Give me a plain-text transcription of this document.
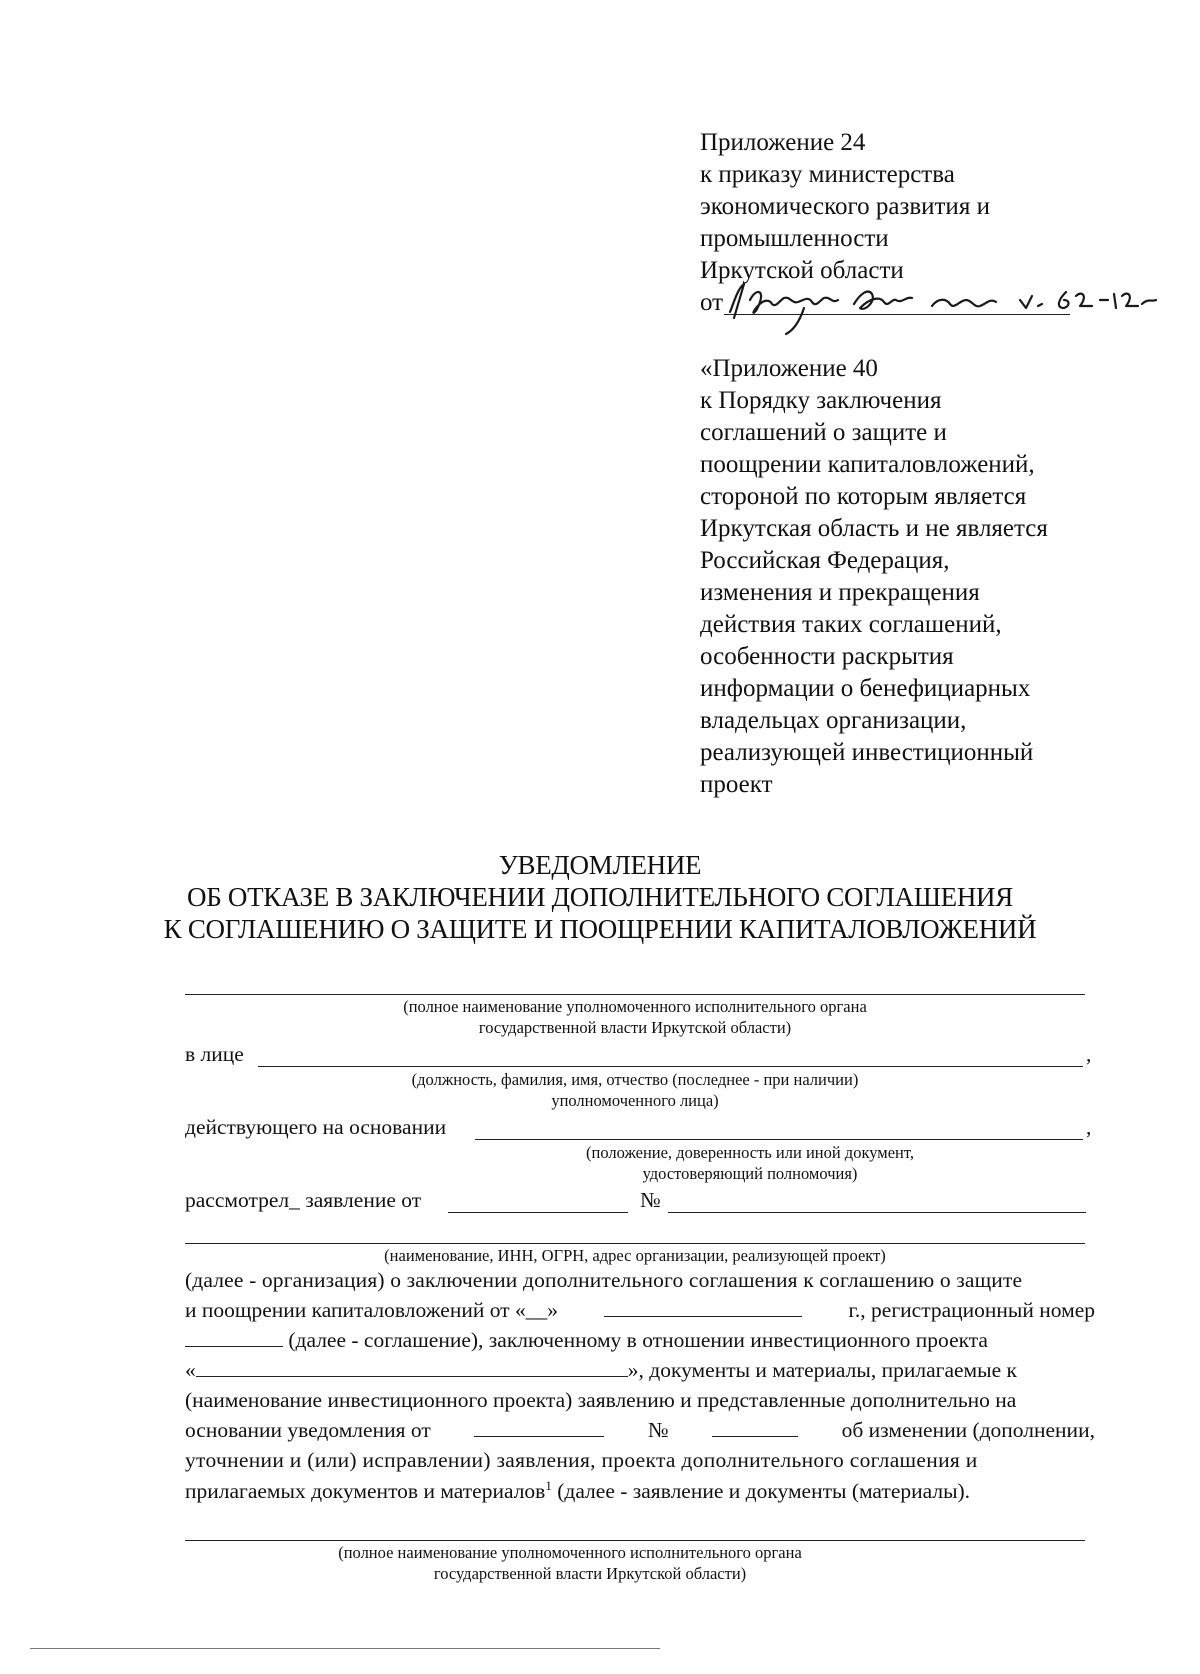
Приложение 24
к приказу министерства
экономического развития и
промышленности
Иркутской области
от
«Приложение 40
к Порядку заключения
соглашений о защите и
поощрении капиталовложений,
стороной по которым является
Иркутская область и не является
Российская Федерация,
изменения и прекращения
действия таких соглашений,
особенности раскрытия
информации о бенефициарных
владельцах организации,
реализующей инвестиционный
проект
УВЕДОМЛЕНИЕ
ОБ ОТКАЗЕ В ЗАКЛЮЧЕНИИ ДОПОЛНИТЕЛЬНОГО СОГЛАШЕНИЯ
К СОГЛАШЕНИЮ О ЗАЩИТЕ И ПООЩРЕНИИ КАПИТАЛОВЛОЖЕНИЙ
(полное наименование уполномоченного исполнительного органа
государственной власти Иркутской области)
в лице	,
(должность, фамилия, имя, отчество (последнее - при наличии)
уполномоченного лица)
действующего на основании	,
(положение, доверенность или иной документ,
удостоверяющий полномочия)
рассмотрел_ заявление от	№
(наименование, ИНН, ОГРН, адрес организации, реализующей проект)
(далее - организация) о заключении дополнительного соглашения к соглашению о защите
и поощрении капиталовложений от «__»	г., регистрационный номер
(далее - соглашение), заключенному в отношении инвестиционного проекта
«	», документы и материалы, прилагаемые к
(наименование инвестиционного проекта) заявлению и представленные дополнительно на
основании уведомления от	№	об изменении (дополнении,
уточнении и (или) исправлении) заявления, проекта дополнительного соглашения и
прилагаемых документов и материалов$^1$ (далее - заявление и документы (материалы).
(полное наименование уполномоченного исполнительного органа
государственной власти Иркутской области)
